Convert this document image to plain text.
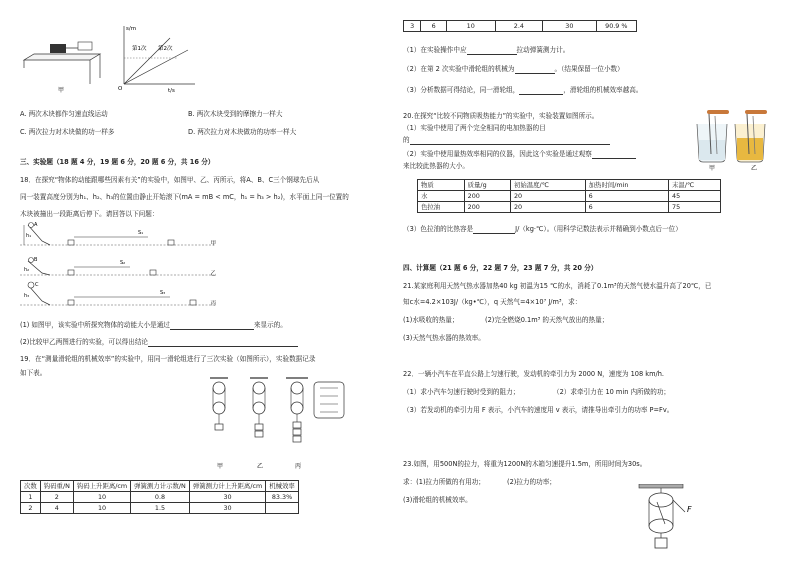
甲
s/m
t/s
O
第1次 第2次
A. 两次木块都作匀速直线运动	B. 两次木块受到的摩擦力一样大
C. 两次拉力对木块做的功一样多	D. 两次拉力对木块做功的功率一样大
三、实验题（18 题 4 分，19 题 6 分，20 题 6 分，共 16 分）
18．在探究“物体的动能跟哪些因素有关”的实验中，如图甲、乙、丙所示，将A、B、C三个钢球先后从
同一装置高度分别为h₁、h₂、h₃的位置由静止开始滚下(mA = mB < mC，h₁ = h₃ > h₂)，水平面上同一位置的
木块被撞出一段距离后停下。请回答以下问题：
A
h₁	S₁
甲
B
h₂
S₂
乙
C
h₃	S₃
丙
(1) 如图甲，该实验中所探究物体的动能大小是通过	来显示的。
(2)比较甲乙两图进行的实验，可以得出结论
19．在“测量滑轮组的机械效率”的实验中，用同一滑轮组进行了三次实验（如图所示），实验数据记录
如下表。
甲	乙	丙
次数	钩码重/N	钩码上升距离/cm	弹簧测力计示数/N	弹簧测力计上升距离/cm	机械效率
1	2	10	0.8	30	83.3%
2	4	10	1.5	30	
3	6	10	2.4	30	90.9 %
（1）在实验操作中应	拉动弹簧测力计。
（2）在第 2 次实验中滑轮组的机械为	。（结果保留一位小数）
（3）分析数据可得结论，同一滑轮组，	，滑轮组的机械效率越高。
20.在探究“比较不同物质吸热能力”的实验中，实验装置如图所示。
（1）实验中使用了两个完全相同的电加热器的目
的
（2）实验中使用量热效率相同的仪器，因此这个实验是通过观察
来比较此热器的大小。	甲	乙
物质	质量/g	初始温度/℃	加热时间/min	末温/℃
水	200	20	6	45
色拉油	200	20	6	75
（3）色拉油的比热容是	J/（kg·℃）。（用科学记数法表示并精确到小数点后一位）
四、计算题（21 题 6 分，22 题 7 分，23 题 7 分，共 20 分）
21.某家庭利用天然气热水器加热40 kg 初温为15 ℃的水，消耗了0.1m³的天然气使水温升高了20℃，已
知c水=4.2×103J/（kg•℃），q 天然气=4×10⁷ J/m³，求：
(1)水吸收的热量；	(2)完全燃烧0.1m³ 的天然气放出的热量；
(3)天然气热水器的热效率。
22．一辆小汽车在平直公路上匀速行驶，发动机的牵引力为 2000 N，速度为 108 km/h.
（1）求小汽车匀速行驶时受到的阻力；	（2）求牵引力在 10 min 内所做的功；
（3）若发动机的牵引力用 F 表示，小汽车的速度用 v 表示，请推导出牵引力的功率 P=Fv。
23.如图，用500N的拉力，将重为1200N的木箱匀速提升1.5m，所用时间为30s。
求：(1)拉力所做的有用功；	(2)拉力的功率；
(3)滑轮组的机械效率。
F
